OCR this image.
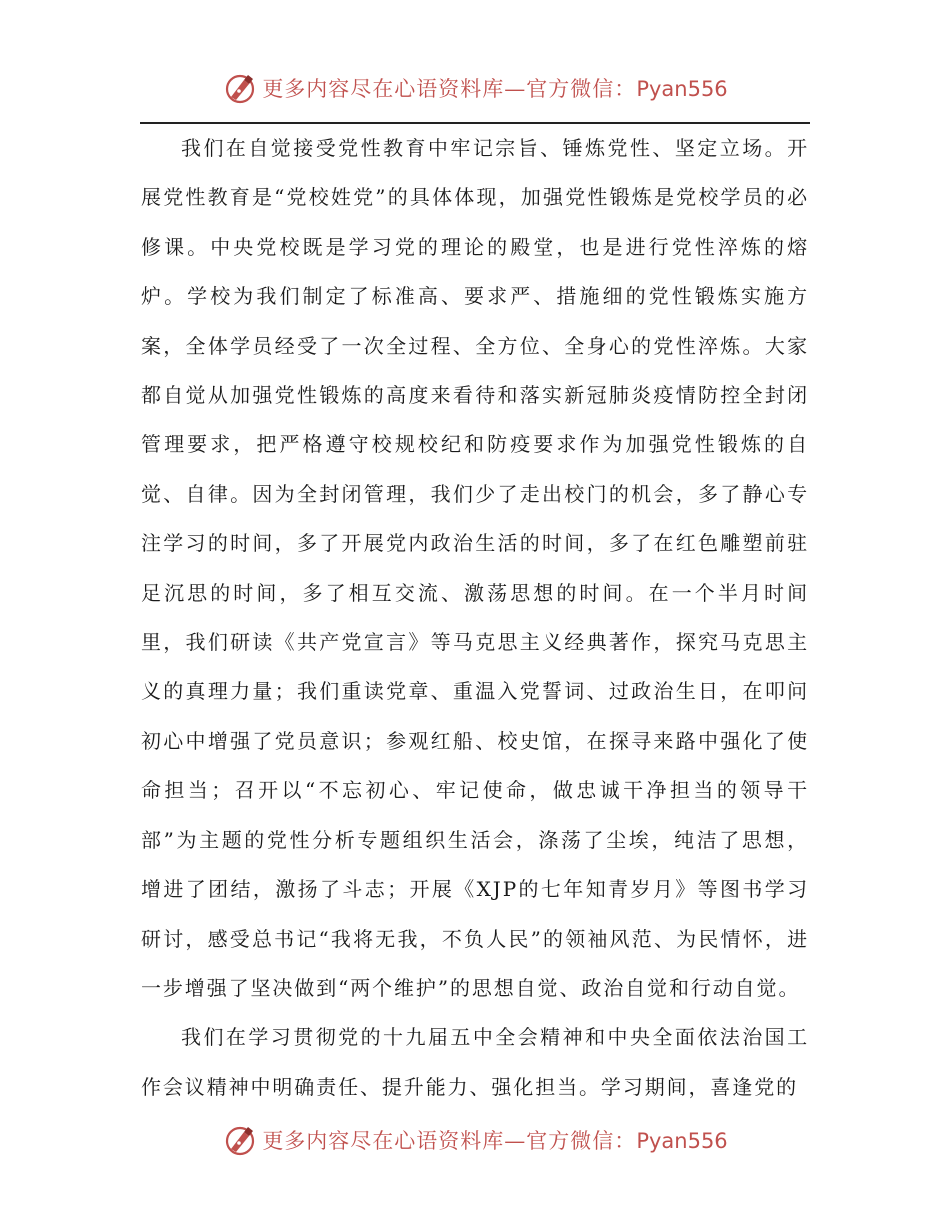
更多内容尽在心语资料库—官方微信：Pyan556

我们在自觉接受党性教育中牢记宗旨、锤炼党性、坚定立场。开展党性教育是“党校姓党”的具体体现，加强党性锻炼是党校学员的必修课。中央党校既是学习党的理论的殿堂，也是进行党性淬炼的熔炉。学校为我们制定了标准高、要求严、措施细的党性锻炼实施方案，全体学员经受了一次全过程、全方位、全身心的党性淬炼。大家都自觉从加强党性锻炼的高度来看待和落实新冠肺炎疫情防控全封闭管理要求，把严格遵守校规校纪和防疫要求作为加强党性锻炼的自觉、自律。因为全封闭管理，我们少了走出校门的机会，多了静心专注学习的时间，多了开展党内政治生活的时间，多了在红色雕塑前驻足沉思的时间，多了相互交流、激荡思想的时间。在一个半月时间里，我们研读《共产党宣言》等马克思主义经典著作，探究马克思主义的真理力量；我们重读党章、重温入党誓词、过政治生日，在叩问初心中增强了党员意识；参观红船、校史馆，在探寻来路中强化了使命担当；召开以“不忘初心、牢记使命，做忠诚干净担当的领导干部”为主题的党性分析专题组织生活会，涤荡了尘埃，纯洁了思想，增进了团结，激扬了斗志；开展《XJP的七年知青岁月》等图书学习研讨，感受总书记“我将无我，不负人民”的领袖风范、为民情怀，进一步增强了坚决做到“两个维护”的思想自觉、政治自觉和行动自觉。

我们在学习贯彻党的十九届五中全会精神和中央全面依法治国工作会议精神中明确责任、提升能力、强化担当。学习期间，喜逢党的

更多内容尽在心语资料库—官方微信：Pyan556
